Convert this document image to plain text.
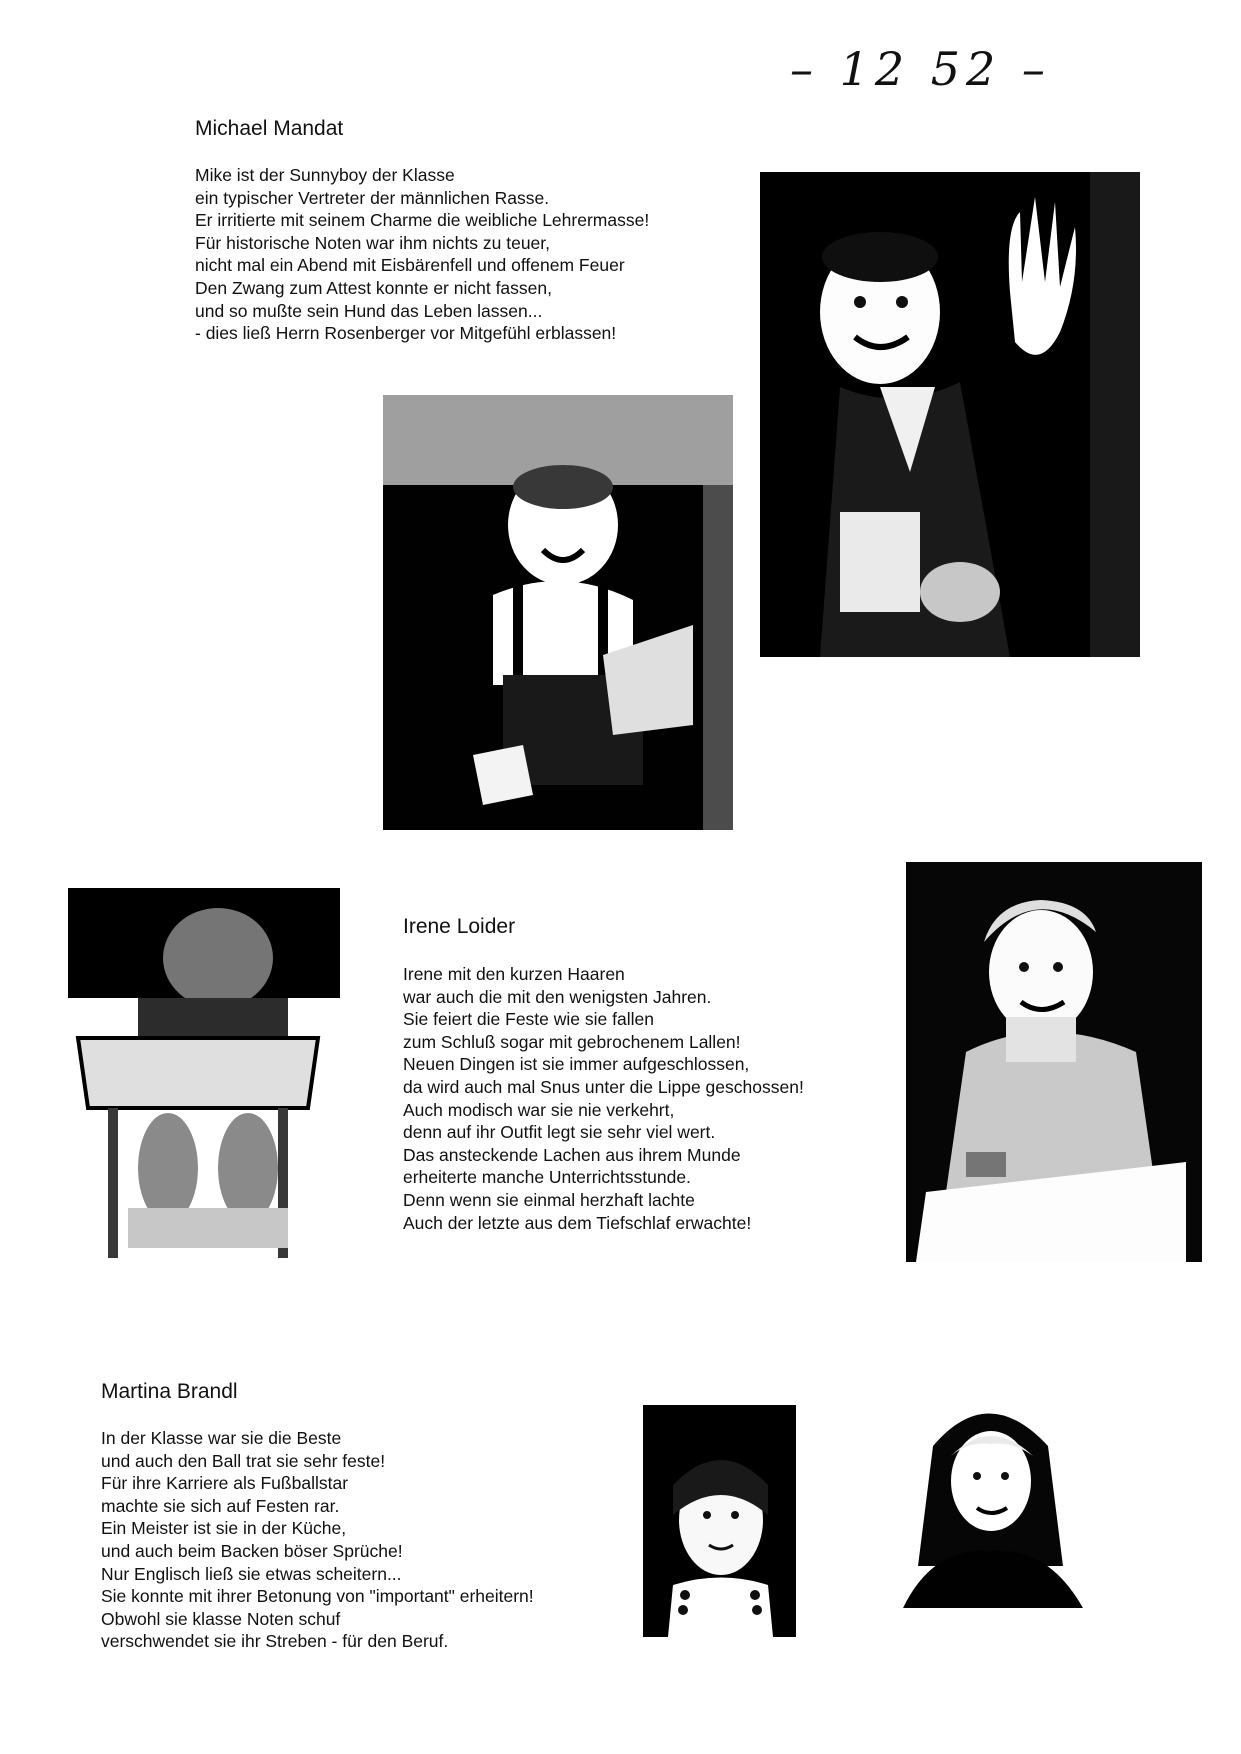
– 12 52 –
Michael Mandat
Mike ist der Sunnyboy der Klasse
ein typischer Vertreter der männlichen Rasse.
Er irritierte mit seinem Charme die weibliche Lehrermasse!
Für historische Noten war ihm nichts zu teuer,
nicht mal ein Abend mit Eisbärenfell und offenem Feuer
Den Zwang zum Attest konnte er nicht fassen,
und so mußte sein Hund das Leben lassen...
- dies ließ Herrn Rosenberger vor Mitgefühl erblassen!
Irene Loider
Irene mit den kurzen Haaren
war auch die mit den wenigsten Jahren.
Sie feiert die Feste wie sie fallen
zum Schluß sogar mit gebrochenem Lallen!
Neuen Dingen ist sie immer aufgeschlossen,
da wird auch mal Snus unter die Lippe geschossen!
Auch modisch war sie nie verkehrt,
denn auf ihr Outfit legt sie sehr viel wert.
Das ansteckende Lachen aus ihrem Munde
erheiterte manche Unterrichtsstunde.
Denn wenn sie einmal herzhaft lachte
Auch der letzte aus dem Tiefschlaf erwachte!
Martina Brandl
In der Klasse war sie die Beste
und auch den Ball trat sie sehr feste!
Für ihre Karriere als Fußballstar
machte sie sich auf Festen rar.
Ein Meister ist sie in der Küche,
und auch beim Backen böser Sprüche!
Nur Englisch ließ sie etwas scheitern...
Sie konnte mit ihrer Betonung von "important" erheitern!
Obwohl sie klasse Noten schuf
verschwendet sie ihr Streben - für den Beruf.
